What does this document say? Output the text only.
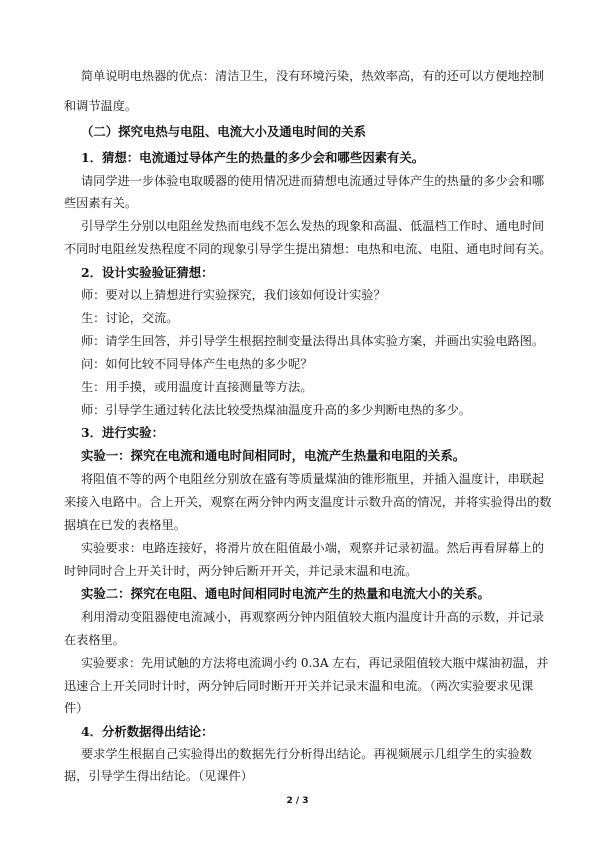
简单说明电热器的优点：清洁卫生，没有环境污染，热效率高，有的还可以方便地控制
和调节温度。
（二）探究电热与电阻、电流大小及通电时间的关系
1．猜想：电流通过导体产生的热量的多少会和哪些因素有关。
请同学进一步体验电取暖器的使用情况进而猜想电流通过导体产生的热量的多少会和哪
些因素有关。
引导学生分别以电阻丝发热而电线不怎么发热的现象和高温、低温档工作时、通电时间
不同时电阻丝发热程度不同的现象引导学生提出猜想：电热和电流、电阻、通电时间有关。
2．设计实验验证猜想：
师：要对以上猜想进行实验探究，我们该如何设计实验？
生：讨论，交流。
师：请学生回答，并引导学生根据控制变量法得出具体实验方案，并画出实验电路图。
问：如何比较不同导体产生电热的多少呢？
生：用手摸，或用温度计直接测量等方法。
师：引导学生通过转化法比较受热煤油温度升高的多少判断电热的多少。
3．进行实验：
实验一：探究在电流和通电时间相同时，电流产生热量和电阻的关系。
将阻值不等的两个电阻丝分别放在盛有等质量煤油的锥形瓶里，并插入温度计，串联起
来接入电路中。合上开关，观察在两分钟内两支温度计示数升高的情况，并将实验得出的数
据填在已发的表格里。
实验要求：电路连接好，将滑片放在阻值最小端，观察并记录初温。然后再看屏幕上的
时钟同时合上开关计时，两分钟后断开开关，并记录末温和电流。
实验二：探究在电阻、通电时间相同时电流产生的热量和电流大小的关系。
利用滑动变阻器使电流减小，再观察两分钟内阻值较大瓶内温度计升高的示数，并记录
在表格里。
实验要求：先用试触的方法将电流调小约 0.3A 左右，再记录阻值较大瓶中煤油初温，并
迅速合上开关同时计时，两分钟后同时断开开关并记录末温和电流。（两次实验要求见课
件）
4．分析数据得出结论：
要求学生根据自己实验得出的数据先行分析得出结论。再视频展示几组学生的实验数
据，引导学生得出结论。（见课件）
2 / 3
